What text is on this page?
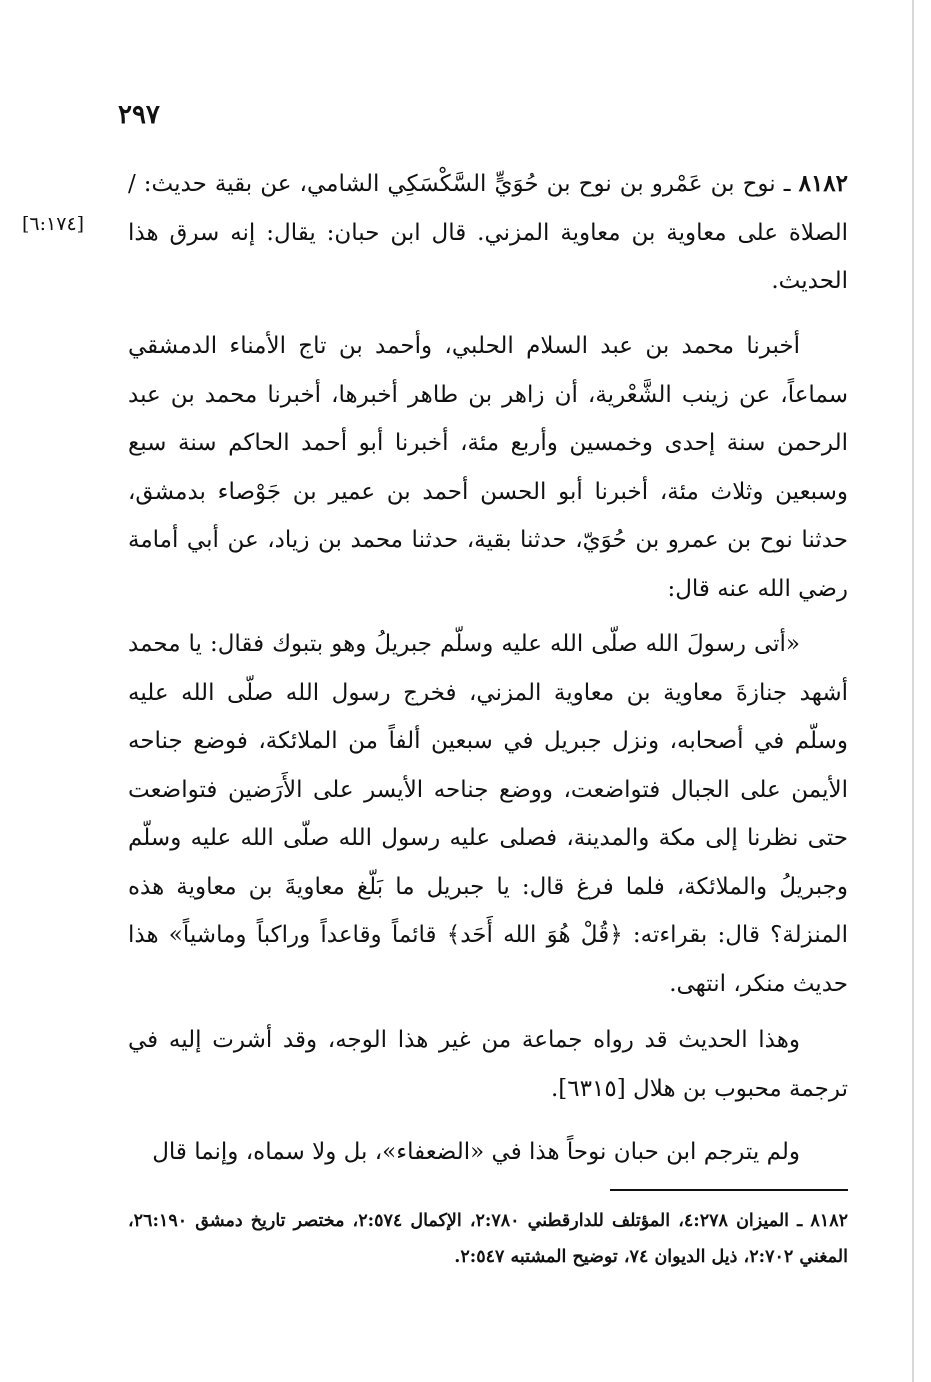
٢٩٧
[٦:١٧٤]

٨١٨٢ ـ نوح بن عَمْرو بن نوح بن حُوَيٍّ السَّكْسَكِي الشامي، عن بقية حديث: / الصلاة على معاوية بن معاوية المزني. قال ابن حبان: يقال: إنه سرق هذا الحديث.

أخبرنا محمد بن عبد السلام الحلبي، وأحمد بن تاج الأمناء الدمشقي سماعاً، عن زينب الشَّعْرية، أن زاهر بن طاهر أخبرها، أخبرنا محمد بن عبد الرحمن سنة إحدى وخمسين وأربع مئة، أخبرنا أبو أحمد الحاكم سنة سبع وسبعين وثلاث مئة، أخبرنا أبو الحسن أحمد بن عمير بن جَوْصاء بدمشق، حدثنا نوح بن عمرو بن حُوَيّ، حدثنا بقية، حدثنا محمد بن زياد، عن أبي أمامة رضي الله عنه قال:

«أتى رسولَ الله صلّى الله عليه وسلّم جبريلُ وهو بتبوك فقال: يا محمد أشهد جنازةَ معاوية بن معاوية المزني، فخرج رسول الله صلّى الله عليه وسلّم في أصحابه، ونزل جبريل في سبعين ألفاً من الملائكة، فوضع جناحه الأيمن على الجبال فتواضعت، ووضع جناحه الأيسر على الأَرَضين فتواضعت حتى نظرنا إلى مكة والمدينة، فصلى عليه رسول الله صلّى الله عليه وسلّم وجبريلُ والملائكة، فلما فرغ قال: يا جبريل ما بَلّغ معاويةَ بن معاوية هذه المنزلة؟ قال: بقراءته: ﴿قُلْ هُوَ الله أَحَد﴾ قائماً وقاعداً وراكباً وماشياً» هذا حديث منكر، انتهى.

وهذا الحديث قد رواه جماعة من غير هذا الوجه، وقد أشرت إليه في ترجمة محبوب بن هلال [٦٣١٥].

ولم يترجم ابن حبان نوحاً هذا في «الضعفاء»، بل ولا سماه، وإنما قال

٨١٨٢ ـ الميزان ٤:٢٧٨، المؤتلف للدارقطني ٢:٧٨٠، الإكمال ٢:٥٧٤، مختصر تاريخ دمشق ٢٦:١٩٠، المغني ٢:٧٠٢، ذيل الديوان ٧٤، توضيح المشتبه ٢:٥٤٧.
